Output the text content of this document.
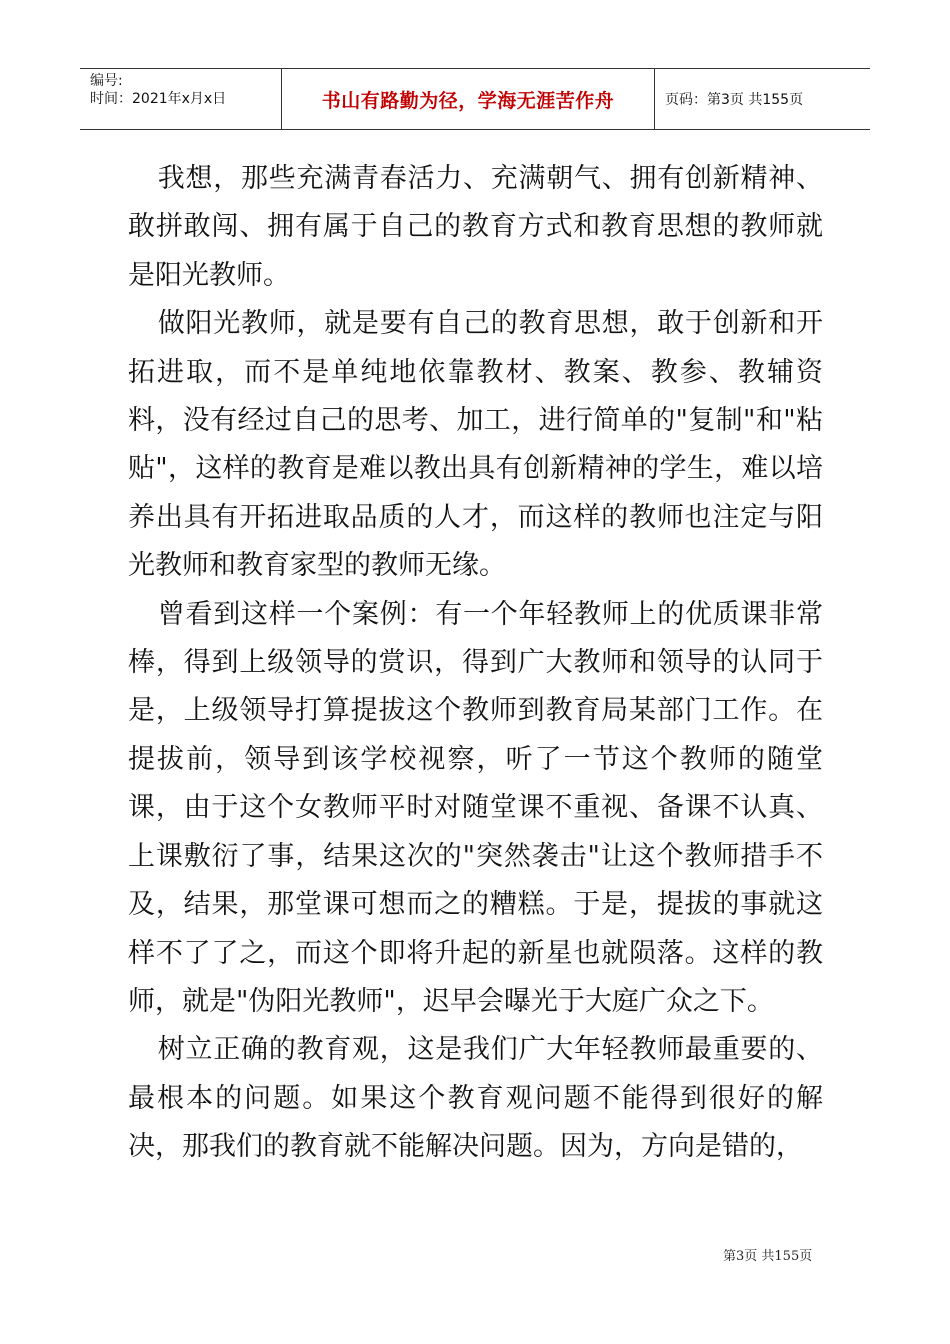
编号:
时间：2021年x月x日	书山有路勤为径，学海无涯苦作舟	页码：第3页 共155页

我想，那些充满青春活力、充满朝气、拥有创新精神、敢拼敢闯、拥有属于自己的教育方式和教育思想的教师就是阳光教师。

做阳光教师，就是要有自己的教育思想，敢于创新和开拓进取，而不是单纯地依靠教材、教案、教参、教辅资料，没有经过自己的思考、加工，进行简单的"复制"和"粘贴"，这样的教育是难以教出具有创新精神的学生，难以培养出具有开拓进取品质的人才，而这样的教师也注定与阳光教师和教育家型的教师无缘。

曾看到这样一个案例：有一个年轻教师上的优质课非常棒，得到上级领导的赏识，得到广大教师和领导的认同于是，上级领导打算提拔这个教师到教育局某部门工作。在提拔前，领导到该学校视察，听了一节这个教师的随堂课，由于这个女教师平时对随堂课不重视、备课不认真、上课敷衍了事，结果这次的"突然袭击"让这个教师措手不及，结果，那堂课可想而之的糟糕。于是，提拔的事就这样不了了之，而这个即将升起的新星也就陨落。这样的教师，就是"伪阳光教师"，迟早会曝光于大庭广众之下。

树立正确的教育观，这是我们广大年轻教师最重要的、最根本的问题。如果这个教育观问题不能得到很好的解决，那我们的教育就不能解决问题。因为，方向是错的，

第3页 共155页
